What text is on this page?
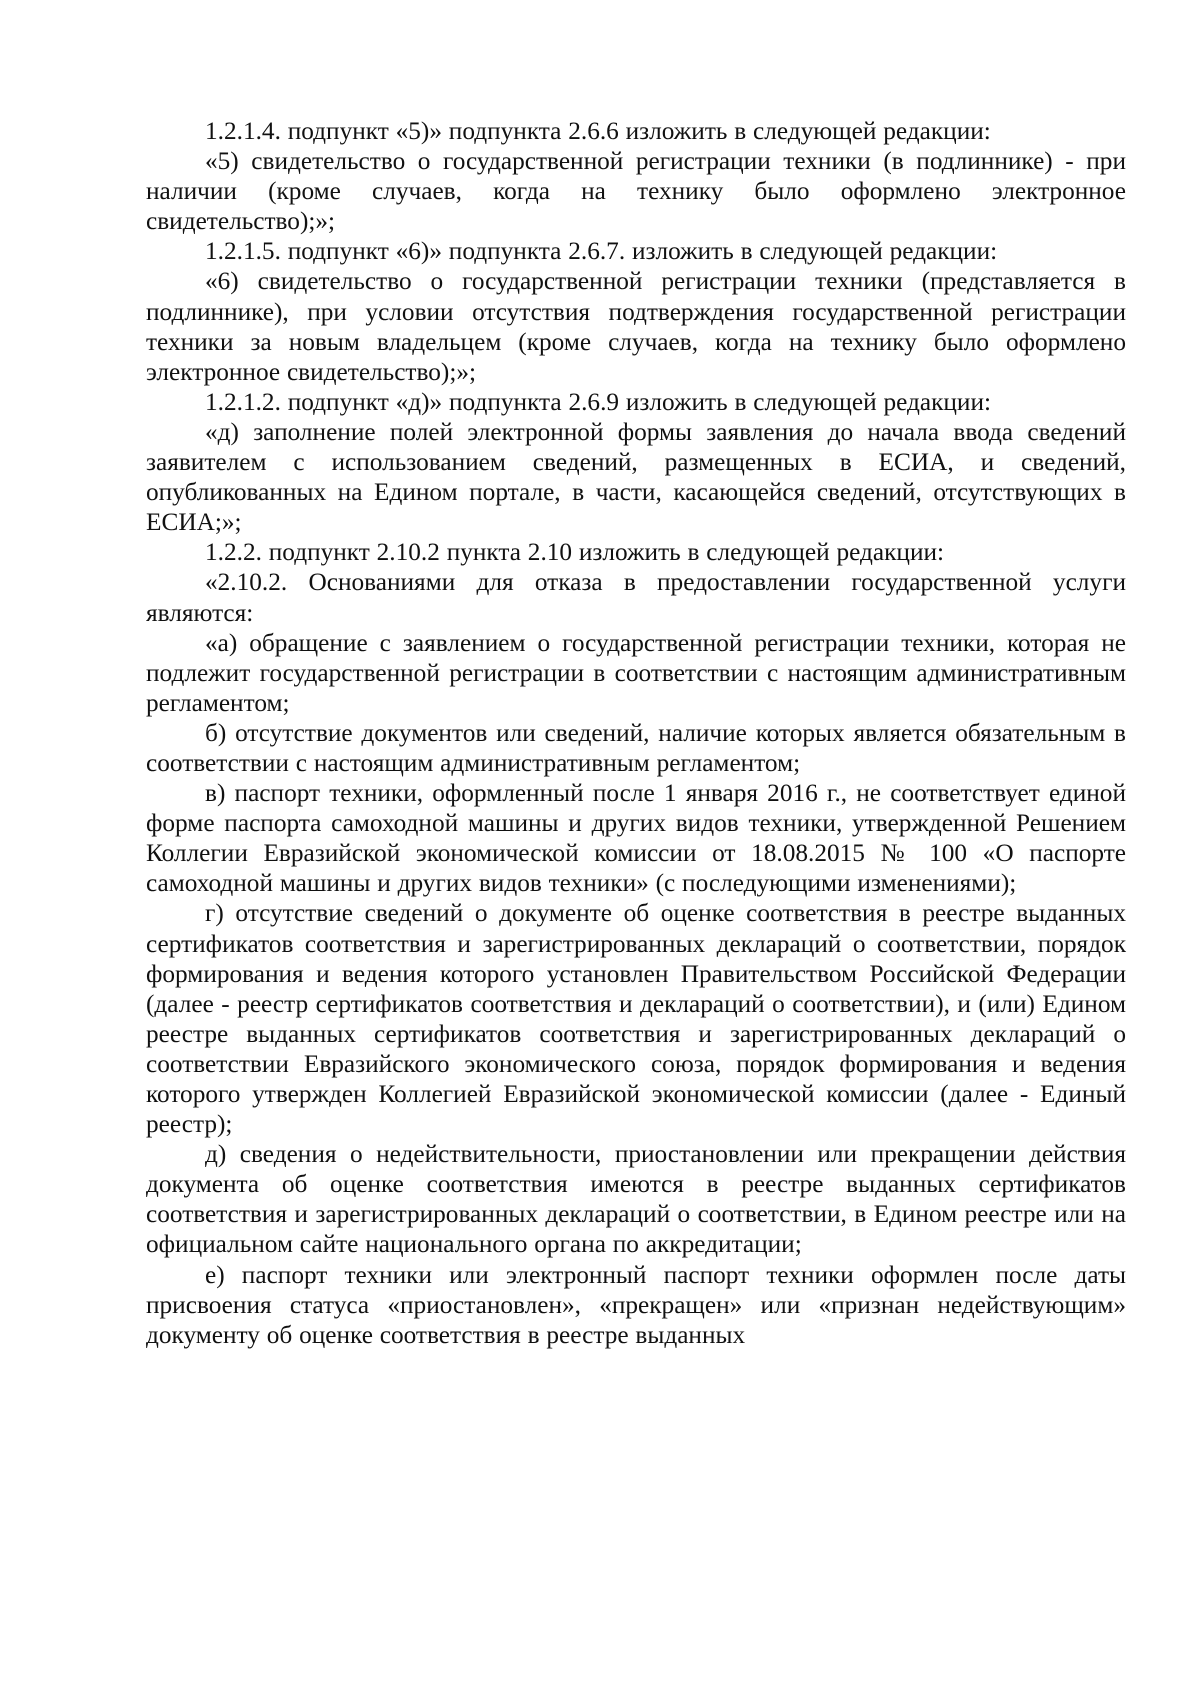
1.2.1.4. подпункт «5)» подпункта 2.6.6 изложить в следующей редакции:

«5) свидетельство о государственной регистрации техники (в подлиннике) - при наличии (кроме случаев, когда на технику было оформлено электронное свидетельство);»;

1.2.1.5. подпункт «6)» подпункта 2.6.7. изложить в следующей редакции:

«6) свидетельство о государственной регистрации техники (представляется в подлиннике), при условии отсутствия подтверждения государственной регистрации техники за новым владельцем (кроме случаев, когда на технику было оформлено электронное свидетельство);»;

1.2.1.2. подпункт «д)» подпункта 2.6.9 изложить в следующей редакции:

«д) заполнение полей электронной формы заявления до начала ввода сведений заявителем с использованием сведений, размещенных в ЕСИА, и сведений, опубликованных на Едином портале, в части, касающейся сведений, отсутствующих в ЕСИА;»;

1.2.2. подпункт 2.10.2 пункта 2.10 изложить в следующей редакции:

«2.10.2. Основаниями для отказа в предоставлении государственной услуги являются:

«а) обращение с заявлением о государственной регистрации техники, которая не подлежит государственной регистрации в соответствии с настоящим административным регламентом;

б) отсутствие документов или сведений, наличие которых является обязательным в соответствии с настоящим административным регламентом;

в) паспорт техники, оформленный после 1 января 2016 г., не соответствует единой форме паспорта самоходной машины и других видов техники, утвержденной Решением Коллегии Евразийской экономической комиссии от 18.08.2015 № 100 «О паспорте самоходной машины и других видов техники» (с последующими изменениями);

г) отсутствие сведений о документе об оценке соответствия в реестре выданных сертификатов соответствия и зарегистрированных деклараций о соответствии, порядок формирования и ведения которого установлен Правительством Российской Федерации (далее - реестр сертификатов соответствия и деклараций о соответствии), и (или) Едином реестре выданных сертификатов соответствия и зарегистрированных деклараций о соответствии Евразийского экономического союза, порядок формирования и ведения которого утвержден Коллегией Евразийской экономической комиссии (далее - Единый реестр);

д) сведения о недействительности, приостановлении или прекращении действия документа об оценке соответствия имеются в реестре выданных сертификатов соответствия и зарегистрированных деклараций о соответствии, в Едином реестре или на официальном сайте национального органа по аккредитации;

е) паспорт техники или электронный паспорт техники оформлен после даты присвоения статуса «приостановлен», «прекращен» или «признан недействующим» документу об оценке соответствия в реестре выданных
